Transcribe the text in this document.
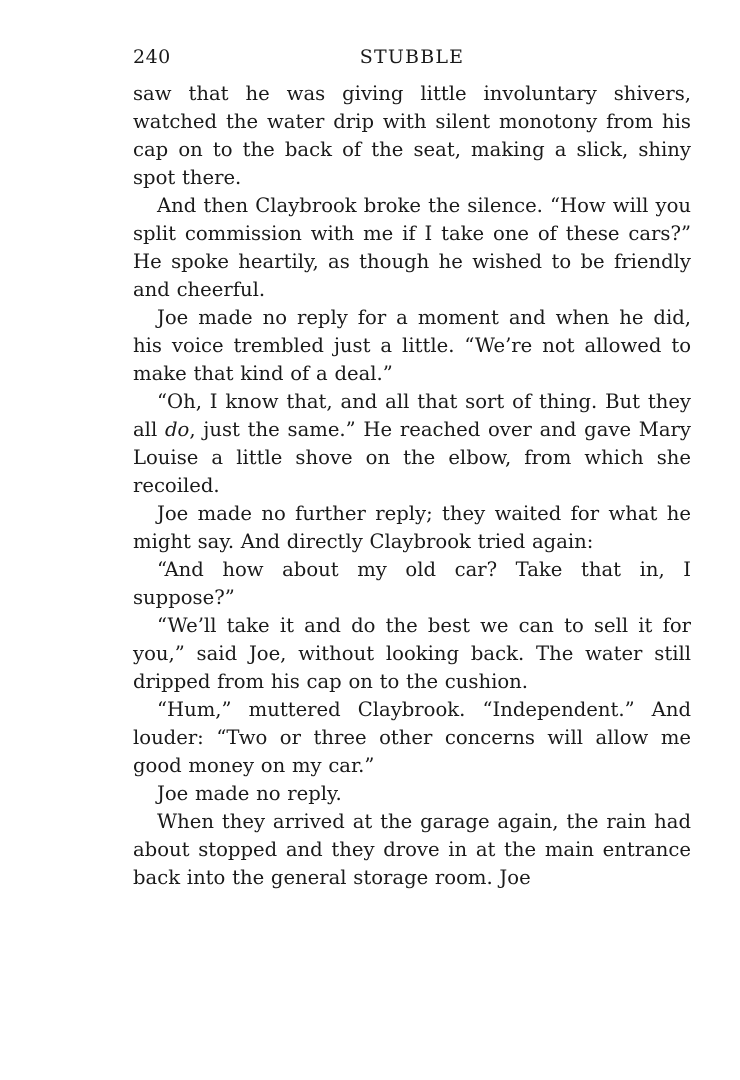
240	STUBBLE

saw that he was giving little involuntary shivers, watched the water drip with silent monotony from his cap on to the back of the seat, making a slick, shiny spot there.

And then Claybrook broke the silence. “How will you split commission with me if I take one of these cars?” He spoke heartily, as though he wished to be friendly and cheerful.

Joe made no reply for a moment and when he did, his voice trembled just a little. “We’re not allowed to make that kind of a deal.”

“Oh, I know that, and all that sort of thing. But they all do, just the same.” He reached over and gave Mary Louise a little shove on the elbow, from which she recoiled.

Joe made no further reply; they waited for what he might say. And directly Claybrook tried again:

“And how about my old car? Take that in, I suppose?”

“We’ll take it and do the best we can to sell it for you,” said Joe, without looking back. The water still dripped from his cap on to the cushion.

“Hum,” muttered Claybrook. “Independent.” And louder: “Two or three other concerns will allow me good money on my car.”

Joe made no reply.

When they arrived at the garage again, the rain had about stopped and they drove in at the main entrance back into the general storage room. Joe
